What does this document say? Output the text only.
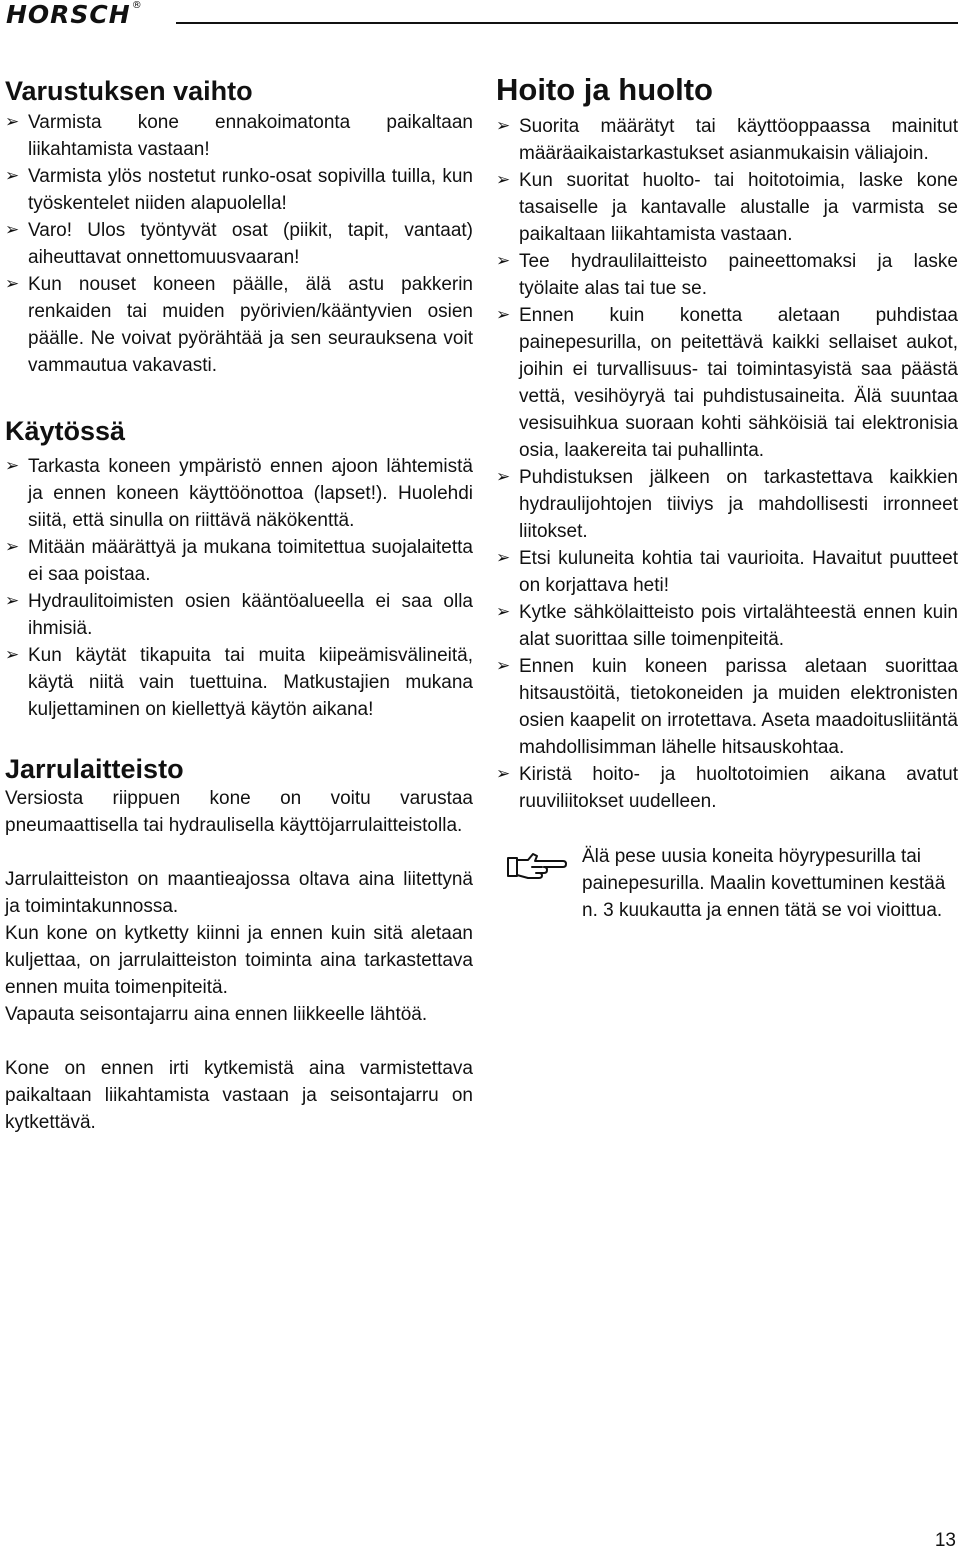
HORSCH®
Varustuksen vaihto
➢ Varmista kone ennakoimatonta paikaltaan liikahtamista vastaan!
➢ Varmista ylös nostetut runko-osat sopivilla tuilla, kun työskentelet niiden alapuolella!
➢ Varo! Ulos työntyvät osat (piikit, tapit, vantaat) aiheuttavat onnettomuusvaaran!
➢ Kun nouset koneen päälle, älä astu pakkerin renkaiden tai muiden pyörivien/kääntyvien osien päälle. Ne voivat pyörähtää ja sen seurauksena voit vammautua vakavasti.
Käytössä
➢ Tarkasta koneen ympäristö ennen ajoon lähtemistä ja ennen koneen käyttöönottoa (lapset!). Huolehdi siitä, että sinulla on riittävä näkökenttä.
➢ Mitään määrättyä ja mukana toimitettua suojalaitetta ei saa poistaa.
➢ Hydraulitoimisten osien kääntöalueella ei saa olla ihmisiä.
➢ Kun käytät tikapuita tai muita kiipeämisvälineitä, käytä niitä vain tuettuina. Matkustajien mukana kuljettaminen on kiellettyä käytön aikana!
Jarrulaitteisto

Versiosta riippuen kone on voitu varustaa pneumaattisella tai hydraulisella käyttöjarrulaitteistolla.

Jarrulaitteiston on maantieajossa oltava aina liitettynä ja toimintakunnossa.

Kun kone on kytketty kiinni ja ennen kuin sitä aletaan kuljettaa, on jarrulaitteiston toiminta aina tarkastettava ennen muita toimenpiteitä.

Vapauta seisontajarru aina ennen liikkeelle lähtöä.

Kone on ennen irti kytkemistä aina varmistettava paikaltaan liikahtamista vastaan ja seisontajarru on kytkettävä.

Hoito ja huolto
➢ Suorita määrätyt tai käyttöoppaassa mainitut määräaikaistarkastukset asianmukaisin väliajoin.
➢ Kun suoritat huolto- tai hoitotoimia, laske kone tasaiselle ja kantavalle alustalle ja varmista se paikaltaan liikahtamista vastaan.
➢ Tee hydraulilaitteisto paineettomaksi ja laske työlaite alas tai tue se.
➢ Ennen kuin konetta aletaan puhdistaa painepesurilla, on peitettävä kaikki sellaiset aukot, joihin ei turvallisuus- tai toimintasyistä saa päästä vettä, vesihöyryä tai puhdistusaineita. Älä suuntaa vesisuihkua suoraan kohti sähköisiä tai elektronisia osia, laakereita tai puhallinta.
➢ Puhdistuksen jälkeen on tarkastettava kaikkien hydraulijohtojen tiiviys ja mahdollisesti irronneet liitokset.
➢ Etsi kuluneita kohtia tai vaurioita. Havaitut puutteet on korjattava heti!
➢ Kytke sähkölaitteisto pois virtalähteestä ennen kuin alat suorittaa sille toimenpiteitä.
➢ Ennen kuin koneen parissa aletaan suorittaa hitsaustöitä, tietokoneiden ja muiden elektronisten osien kaapelit on irrotettava. Aseta maadoitusliitäntä mahdollisimman lähelle hitsauskohtaa.
➢ Kiristä hoito- ja huoltotoimien aikana avatut ruuviliitokset uudelleen.

Älä pese uusia koneita höyrypesurilla tai painepesurilla. Maalin kovettuminen kestää n. 3 kuukautta ja ennen tätä se voi vioittua.

13
